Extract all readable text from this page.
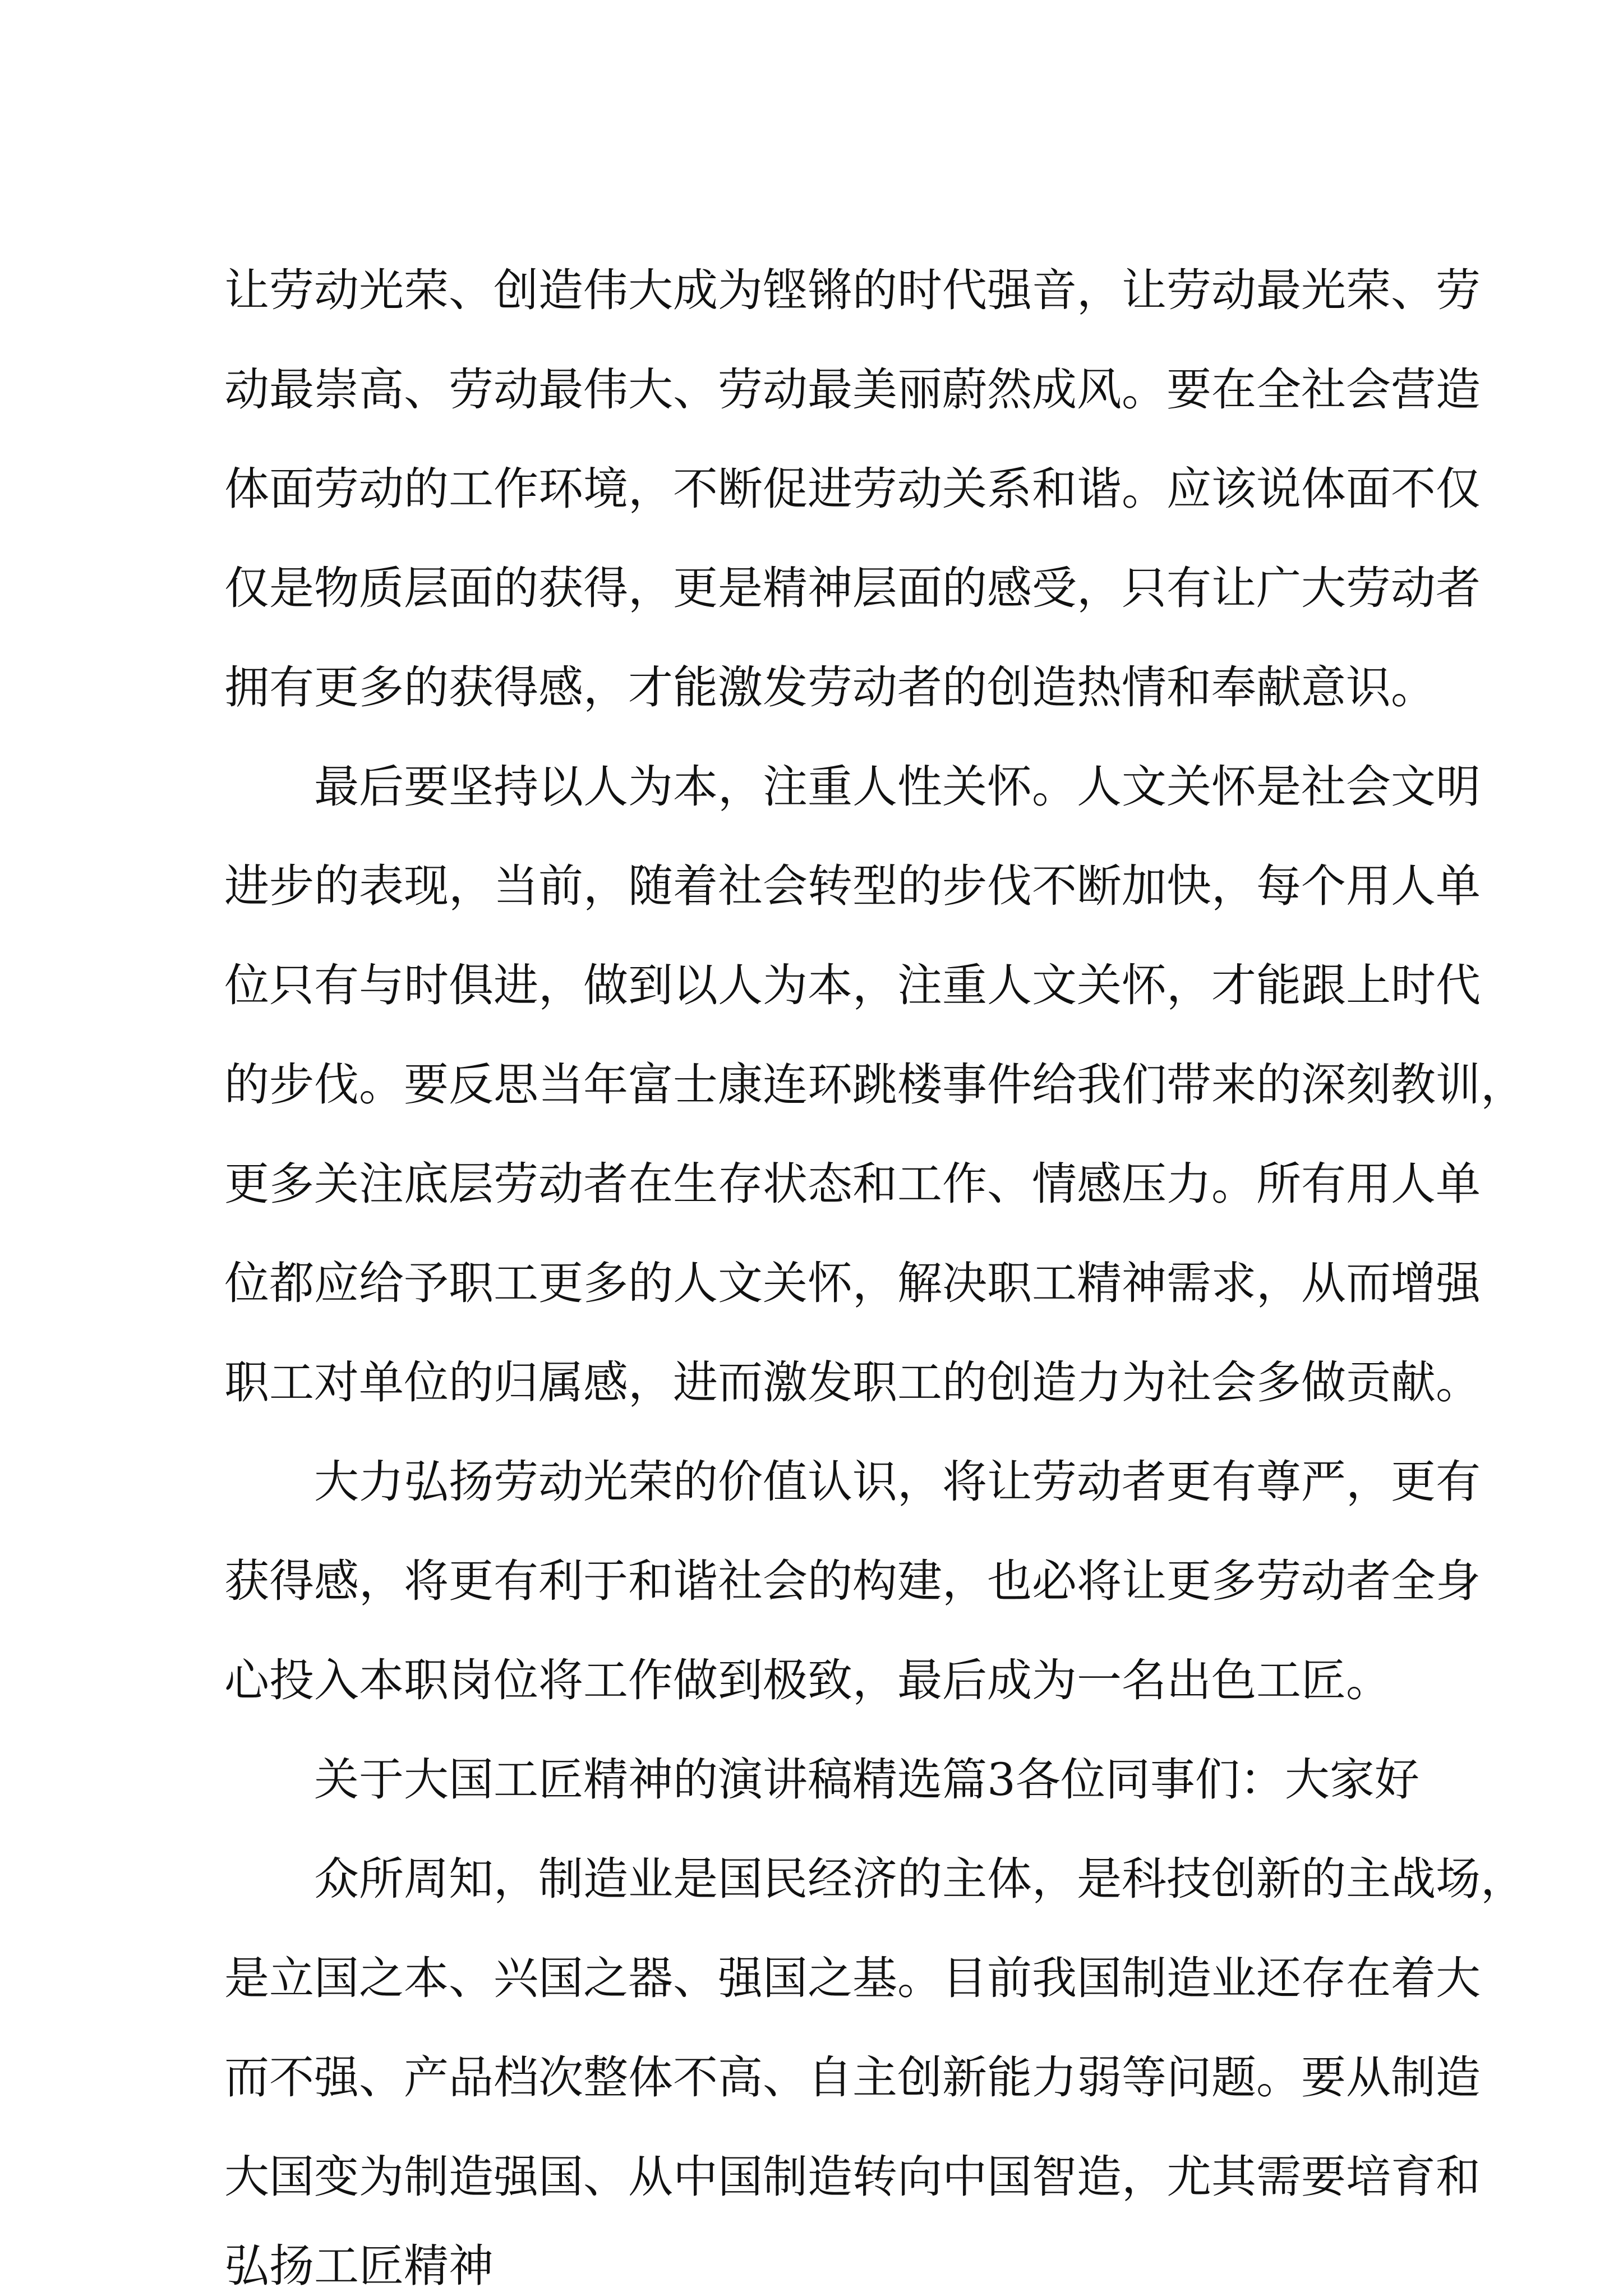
让劳动光荣、创造伟大成为铿锵的时代强音，让劳动最光荣、劳

动最崇高、劳动最伟大、劳动最美丽蔚然成风。要在全社会营造

体面劳动的工作环境，不断促进劳动关系和谐。应该说体面不仅

仅是物质层面的获得，更是精神层面的感受，只有让广大劳动者

拥有更多的获得感，才能激发劳动者的创造热情和奉献意识。

最后要坚持以人为本，注重人性关怀。人文关怀是社会文明

进步的表现，当前，随着社会转型的步伐不断加快，每个用人单

位只有与时俱进，做到以人为本，注重人文关怀，才能跟上时代

的步伐。要反思当年富士康连环跳楼事件给我们带来的深刻教训，

更多关注底层劳动者在生存状态和工作、情感压力。所有用人单

位都应给予职工更多的人文关怀，解决职工精神需求，从而增强

职工对单位的归属感，进而激发职工的创造力为社会多做贡献。

大力弘扬劳动光荣的价值认识，将让劳动者更有尊严，更有

获得感，将更有利于和谐社会的构建，也必将让更多劳动者全身

心投入本职岗位将工作做到极致，最后成为一名出色工匠。

关于大国工匠精神的演讲稿精选篇3各位同事们：大家好

众所周知，制造业是国民经济的主体，是科技创新的主战场，

是立国之本、兴国之器、强国之基。目前我国制造业还存在着大

而不强、产品档次整体不高、自主创新能力弱等问题。要从制造

大国变为制造强国、从中国制造转向中国智造，尤其需要培育和

弘扬工匠精神
